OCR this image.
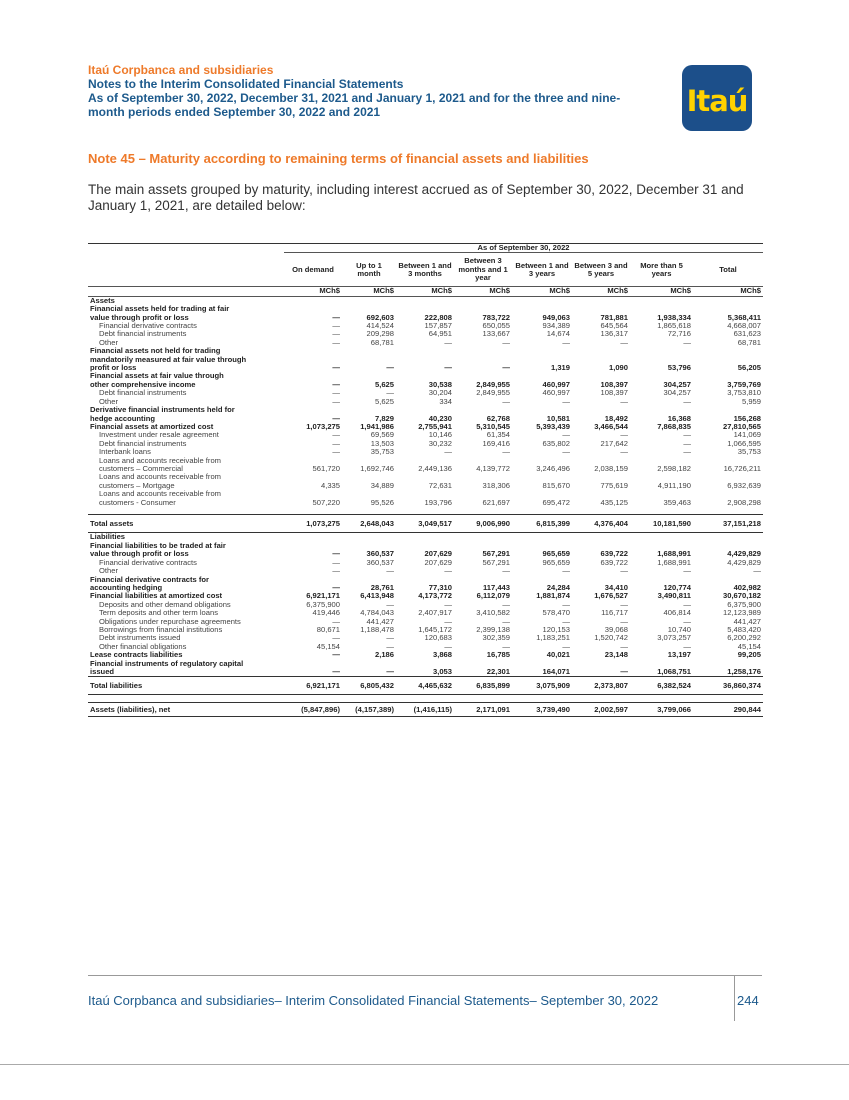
Itaú Corpbanca and subsidiaries
Notes to the Interim Consolidated Financial Statements
As of September 30, 2022, December 31, 2021 and January 1, 2021 and for the three and nine-
month periods ended September 30, 2022 and 2021	Itaú
Note 45 – Maturity according to remaining terms of financial assets and liabilities
The main assets grouped by maturity, including interest accrued as of September 30, 2022, December 31 and January 1, 2021, are detailed below:
	As of September 30, 2022							
	On demand	Up to 1 month	Between 1 and 3 months	Between 3 months and 1 year	Between 1 and 3 years	Between 3 and 5 years	More than 5 years	Total
	MCh$	MCh$	MCh$	MCh$	MCh$	MCh$	MCh$	MCh$
Assets								
Financial assets held for trading at fair								
value through profit or loss	—	692,603	222,808	783,722	949,063	781,881	1,938,334	5,368,411
Financial derivative contracts	—	414,524	157,857	650,055	934,389	645,564	1,865,618	4,668,007
Debt financial instruments	—	209,298	64,951	133,667	14,674	136,317	72,716	631,623
Other	—	68,781	—	—	—	—	—	68,781
Financial assets not held for trading								
mandatorily measured at fair value through								
profit or loss	—	—	—	—	1,319	1,090	53,796	56,205
Financial assets at fair value through								
other comprehensive income	—	5,625	30,538	2,849,955	460,997	108,397	304,257	3,759,769
Debt financial instruments	—	—	30,204	2,849,955	460,997	108,397	304,257	3,753,810
Other	—	5,625	334	—	—	—	—	5,959
Derivative financial instruments held for								
hedge accounting	—	7,829	40,230	62,768	10,581	18,492	16,368	156,268
Financial assets at amortized cost	1,073,275	1,941,986	2,755,941	5,310,545	5,393,439	3,466,544	7,868,835	27,810,565
Investment under resale agreement	—	69,569	10,146	61,354	—	—	—	141,069
Debt financial instruments	—	13,503	30,232	169,416	635,802	217,642	—	1,066,595
Interbank loans	—	35,753	—	—	—	—	—	35,753
Loans and accounts receivable from								
customers – Commercial	561,720	1,692,746	2,449,136	4,139,772	3,246,496	2,038,159	2,598,182	16,726,211
Loans and accounts receivable from								
customers – Mortgage	4,335	34,889	72,631	318,306	815,670	775,619	4,911,190	6,932,639
Loans and accounts receivable from								
customers - Consumer	507,220	95,526	193,796	621,697	695,472	435,125	359,463	2,908,298

Total assets	1,073,275	2,648,043	3,049,517	9,006,990	6,815,399	4,376,404	10,181,590	37,151,218
Liabilities								
Financial liabilities to be traded at fair								
value through profit or loss	—	360,537	207,629	567,291	965,659	639,722	1,688,991	4,429,829
Financial derivative contracts	—	360,537	207,629	567,291	965,659	639,722	1,688,991	4,429,829
Other	—	—	—	—	—	—	—	—
Financial derivative contracts for								
accounting hedging	—	28,761	77,310	117,443	24,284	34,410	120,774	402,982
Financial liabilities at amortized cost	6,921,171	6,413,948	4,173,772	6,112,079	1,881,874	1,676,527	3,490,811	30,670,182
Deposits and other demand obligations	6,375,900	—	—	—	—	—	—	6,375,900
Term deposits and other term loans	419,446	4,784,043	2,407,917	3,410,582	578,470	116,717	406,814	12,123,989
Obligations under repurchase agreements	—	441,427	—	—	—	—	—	441,427
Borrowings from financial institutions	80,671	1,188,478	1,645,172	2,399,138	120,153	39,068	10,740	5,483,420
Debt instruments issued	—	—	120,683	302,359	1,183,251	1,520,742	3,073,257	6,200,292
Other financial obligations	45,154	—	—	—	—	—	—	45,154
Lease contracts liabilities	—	2,186	3,868	16,785	40,021	23,148	13,197	99,205
Financial instruments of regulatory capital								
issued	—	—	3,053	22,301	164,071	—	1,068,751	1,258,176
Total liabilities	6,921,171	6,805,432	4,465,632	6,835,899	3,075,909	2,373,807	6,382,524	36,860,374

Assets (liabilities), net	(5,847,896)	(4,157,389)	(1,416,115)	2,171,091	3,739,490	2,002,597	3,799,066	290,844
Itaú Corpbanca and subsidiaries– Interim Consolidated Financial Statements– September 30, 2022	244
